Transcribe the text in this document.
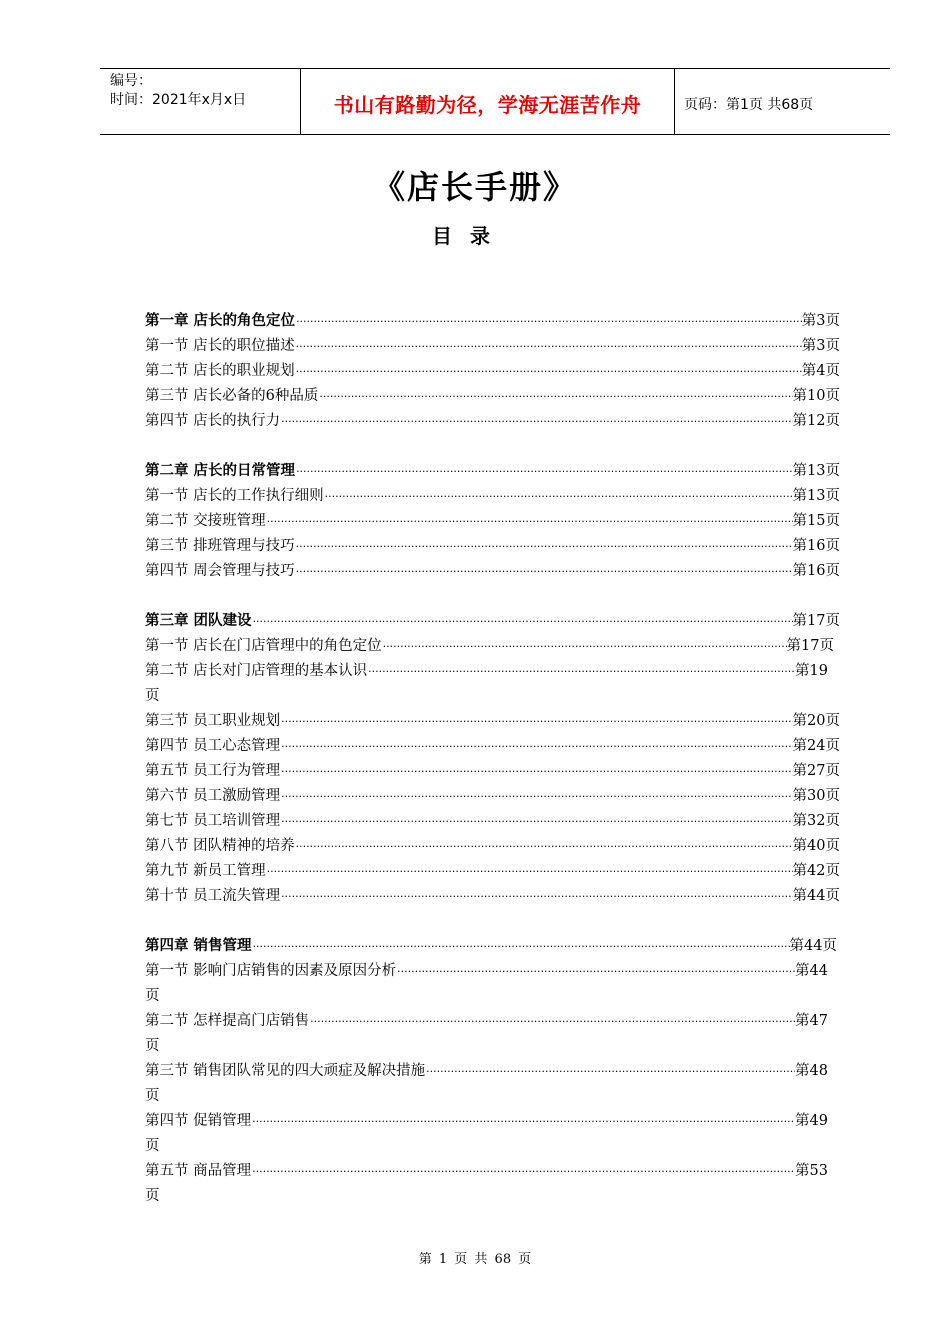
编号：
时间：2021年x月x日	书山有路勤为径，学海无涯苦作舟	页码：第1页 共68页
《店长手册》
目录
第一章 店长的角色定位 ·····	第3页
第一节 店长的职位描述 ·····	第3页
第二节 店长的职业规划 ·····	第4页
第三节 店长必备的6种品质 ·····	第10页
第四节 店长的执行力 ·····	第12页
第二章 店长的日常管理 ·····	第13页
第一节 店长的工作执行细则 ·····	第13页
第二节 交接班管理 ·····	第15页
第三节 排班管理与技巧 ·····	第16页
第四节 周会管理与技巧 ·····	第16页
第三章 团队建设 ·····	第17页
第一节 店长在门店管理中的角色定位 ·····	第17页
第二节 店长对门店管理的基本认识 ·····	第19
页
第三节 员工职业规划 ·····	第20页
第四节 员工心态管理 ·····	第24页
第五节 员工行为管理 ·····	第27页
第六节 员工激励管理 ·····	第30页
第七节 员工培训管理 ·····	第32页
第八节 团队精神的培养 ·····	第40页
第九节 新员工管理 ·····	第42页
第十节 员工流失管理 ·····	第44页
第四章 销售管理 ·····	第44页
第一节 影响门店销售的因素及原因分析 ·····	第44
页
第二节 怎样提高门店销售 ·····	第47
页
第三节 销售团队常见的四大顽症及解决措施 ·····	第48
页
第四节 促销管理 ·····	第49
页
第五节 商品管理 ·····	第53
页
第 1 页 共 68 页
